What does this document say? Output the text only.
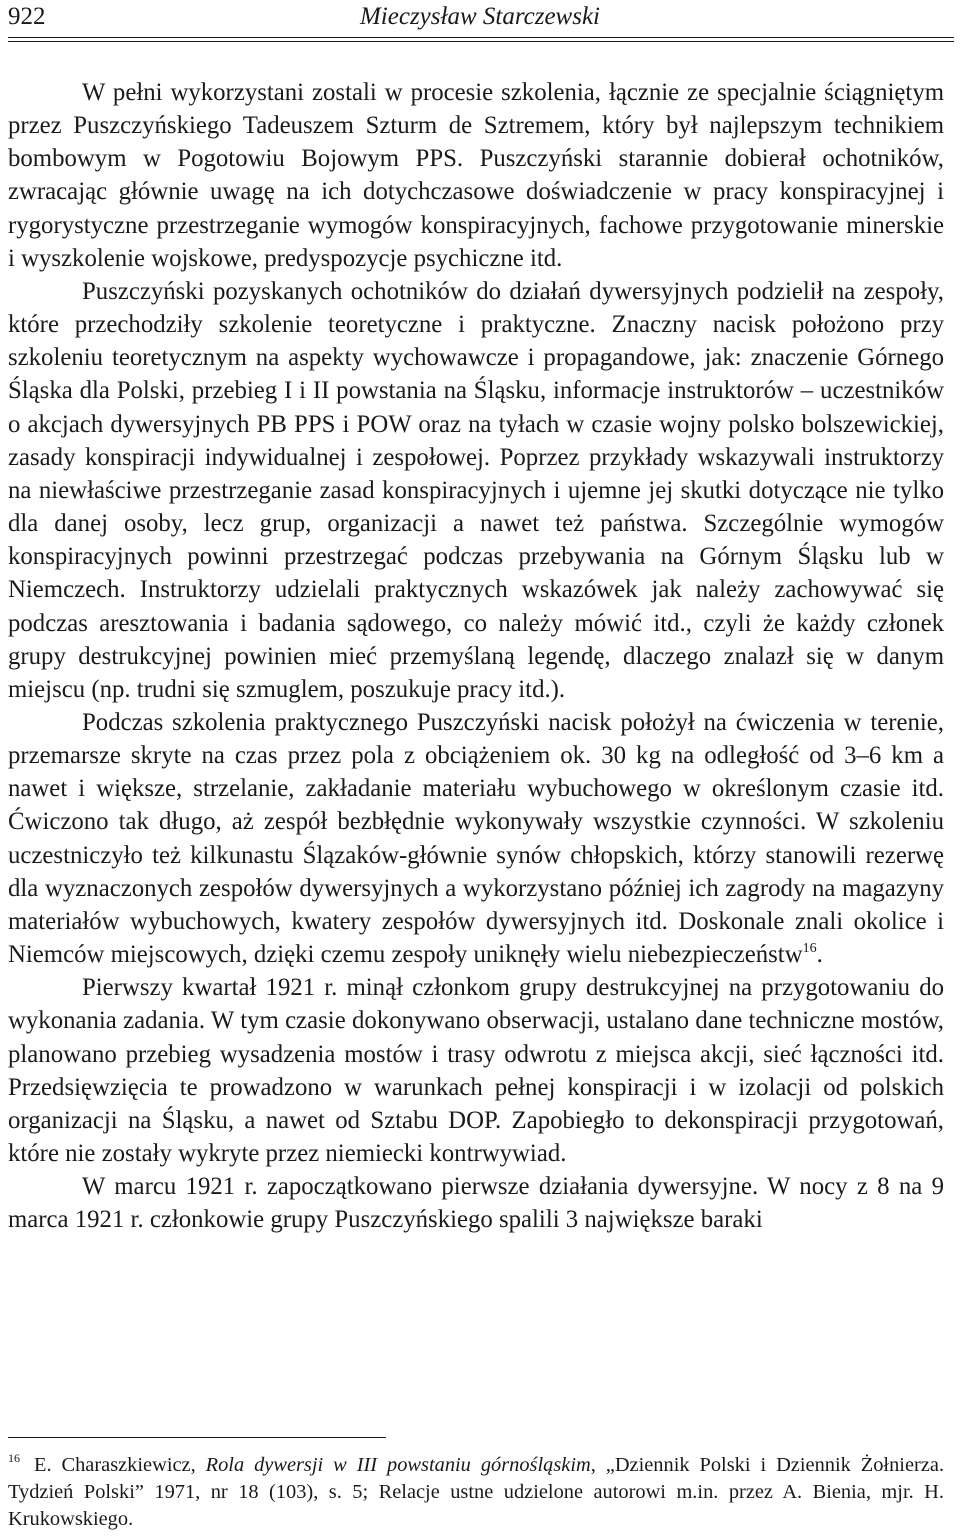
922	Mieczysław Starczewski

W pełni wykorzystani zostali w procesie szkolenia, łącznie ze specjalnie ściągniętym przez Puszczyńskiego Tadeuszem Szturm de Sztremem, który był najlepszym technikiem bombowym w Pogotowiu Bojowym PPS. Puszczyński starannie dobierał ochotników, zwracając głównie uwagę na ich dotychczasowe doświadczenie w pracy konspiracyjnej i rygorystyczne przestrzeganie wymogów konspiracyjnych, fachowe przygotowanie minerskie i wyszkolenie wojskowe, predyspozycje psychiczne itd.

Puszczyński pozyskanych ochotników do działań dywersyjnych podzielił na zespoły, które przechodziły szkolenie teoretyczne i praktyczne. Znaczny nacisk położono przy szkoleniu teoretycznym na aspekty wychowawcze i propagandowe, jak: znaczenie Górnego Śląska dla Polski, przebieg I i II powstania na Śląsku, informacje instruktorów – uczestników o akcjach dywersyjnych PB PPS i POW oraz na tyłach w czasie wojny polsko bolszewickiej, zasady konspiracji indywidualnej i zespołowej. Poprzez przykłady wskazywali instruktorzy na niewłaściwe przestrzeganie zasad konspiracyjnych i ujemne jej skutki dotyczące nie tylko dla danej osoby, lecz grup, organizacji a nawet też państwa. Szczególnie wymogów konspiracyjnych powinni przestrzegać podczas przebywania na Górnym Śląsku lub w Niemczech. Instruktorzy udzielali praktycznych wskazówek jak należy zachowywać się podczas aresztowania i badania sądowego, co należy mówić itd., czyli że każdy członek grupy destrukcyjnej powinien mieć przemyślaną legendę, dlaczego znalazł się w danym miejscu (np. trudni się szmuglem, poszukuje pracy itd.).

Podczas szkolenia praktycznego Puszczyński nacisk położył na ćwiczenia w terenie, przemarsze skryte na czas przez pola z obciążeniem ok. 30 kg na odległość od 3–6 km a nawet i większe, strzelanie, zakładanie materiału wybuchowego w określonym czasie itd. Ćwiczono tak długo, aż zespół bezbłędnie wykonywały wszystkie czynności. W szkoleniu uczestniczyło też kilkunastu Ślązaków-głównie synów chłopskich, którzy stanowili rezerwę dla wyznaczonych zespołów dywersyjnych a wykorzystano później ich zagrody na magazyny materiałów wybuchowych, kwatery zespołów dywersyjnych itd. Doskonale znali okolice i Niemców miejscowych, dzięki czemu zespoły uniknęły wielu niebezpieczeństw$^{16}$.

Pierwszy kwartał 1921 r. minął członkom grupy destrukcyjnej na przygotowaniu do wykonania zadania. W tym czasie dokonywano obserwacji, ustalano dane techniczne mostów, planowano przebieg wysadzenia mostów i trasy odwrotu z miejsca akcji, sieć łączności itd. Przedsięwzięcia te prowadzono w warunkach pełnej konspiracji i w izolacji od polskich organizacji na Śląsku, a nawet od Sztabu DOP. Zapobiegło to dekonspiracji przygotowań, które nie zostały wykryte przez niemiecki kontrwywiad.

W marcu 1921 r. zapoczątkowano pierwsze działania dywersyjne. W nocy z 8 na 9 marca 1921 r. członkowie grupy Puszczyńskiego spalili 3 największe baraki

$^{16}$ E. Charaszkiewicz, Rola dywersji w III powstaniu górnośląskim, „Dziennik Polski i Dziennik Żołnierza. Tydzień Polski” 1971, nr 18 (103), s. 5; Relacje ustne udzielone autorowi m.in. przez A. Bienia, mjr. H. Krukowskiego.
